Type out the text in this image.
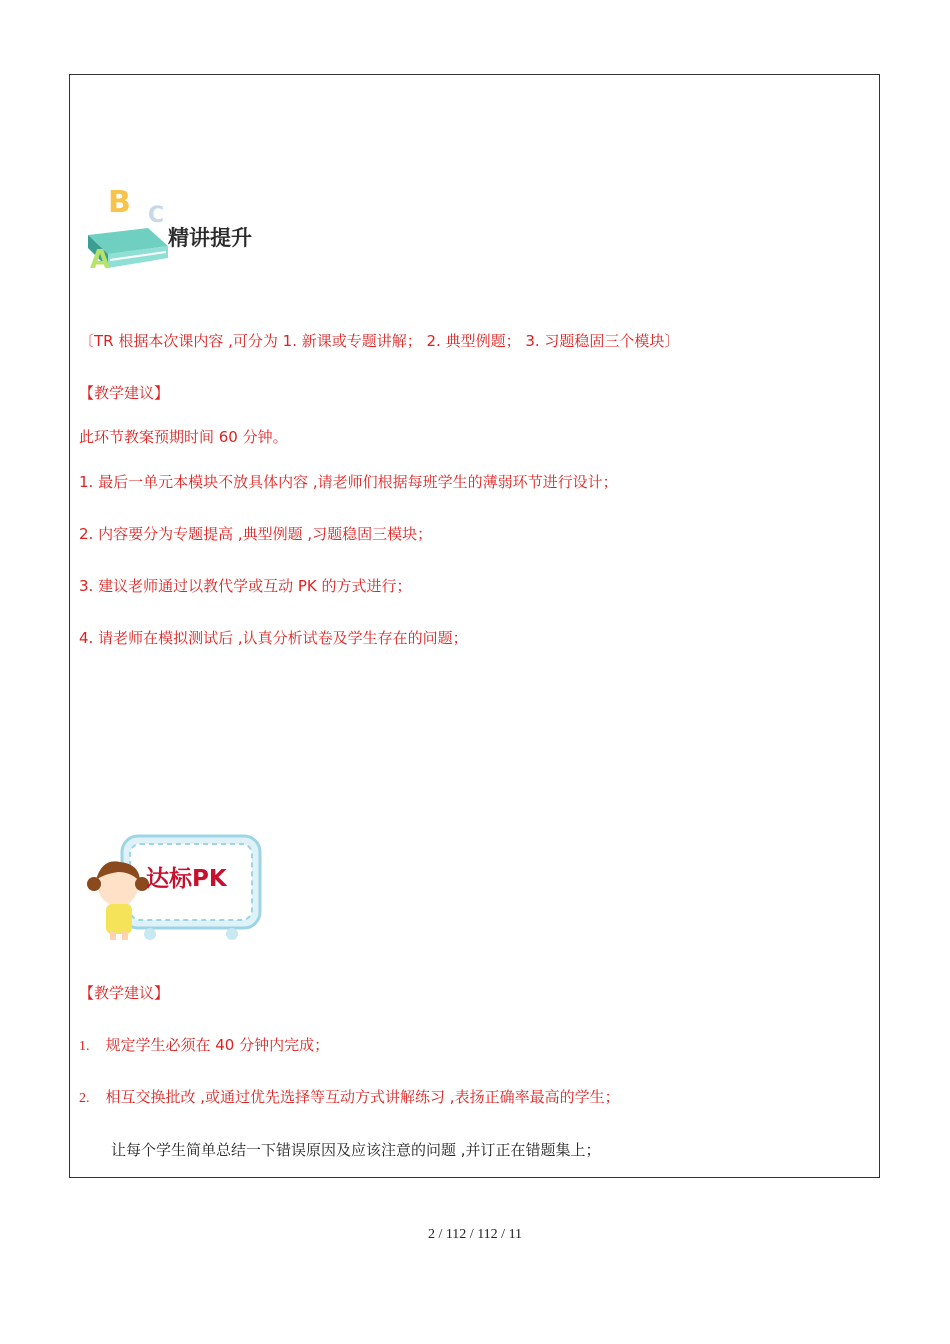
A
B C
精讲提升
〔TR 根据本次课内容 ,可分为 1. 新课或专题讲解； 2. 典型例题； 3. 习题稳固三个模块〕
【教学建议】
此环节教案预期时间 60 分钟。
1. 最后一单元本模块不放具体内容 ,请老师们根据每班学生的薄弱环节进行设计；
2. 内容要分为专题提高 ,典型例题 ,习题稳固三模块；
3. 建议老师通过以教代学或互动 PK 的方式进行；
4. 请老师在模拟测试后 ,认真分析试卷及学生存在的问题；
达标PK
【教学建议】
1. 规定学生必须在 40 分钟内完成；
2. 相互交换批改 ,或通过优先选择等互动方式讲解练习 ,表扬正确率最高的学生；
让每个学生简单总结一下错误原因及应该注意的问题 ,并订正在错题集上；
2 / 112 / 112 / 11
